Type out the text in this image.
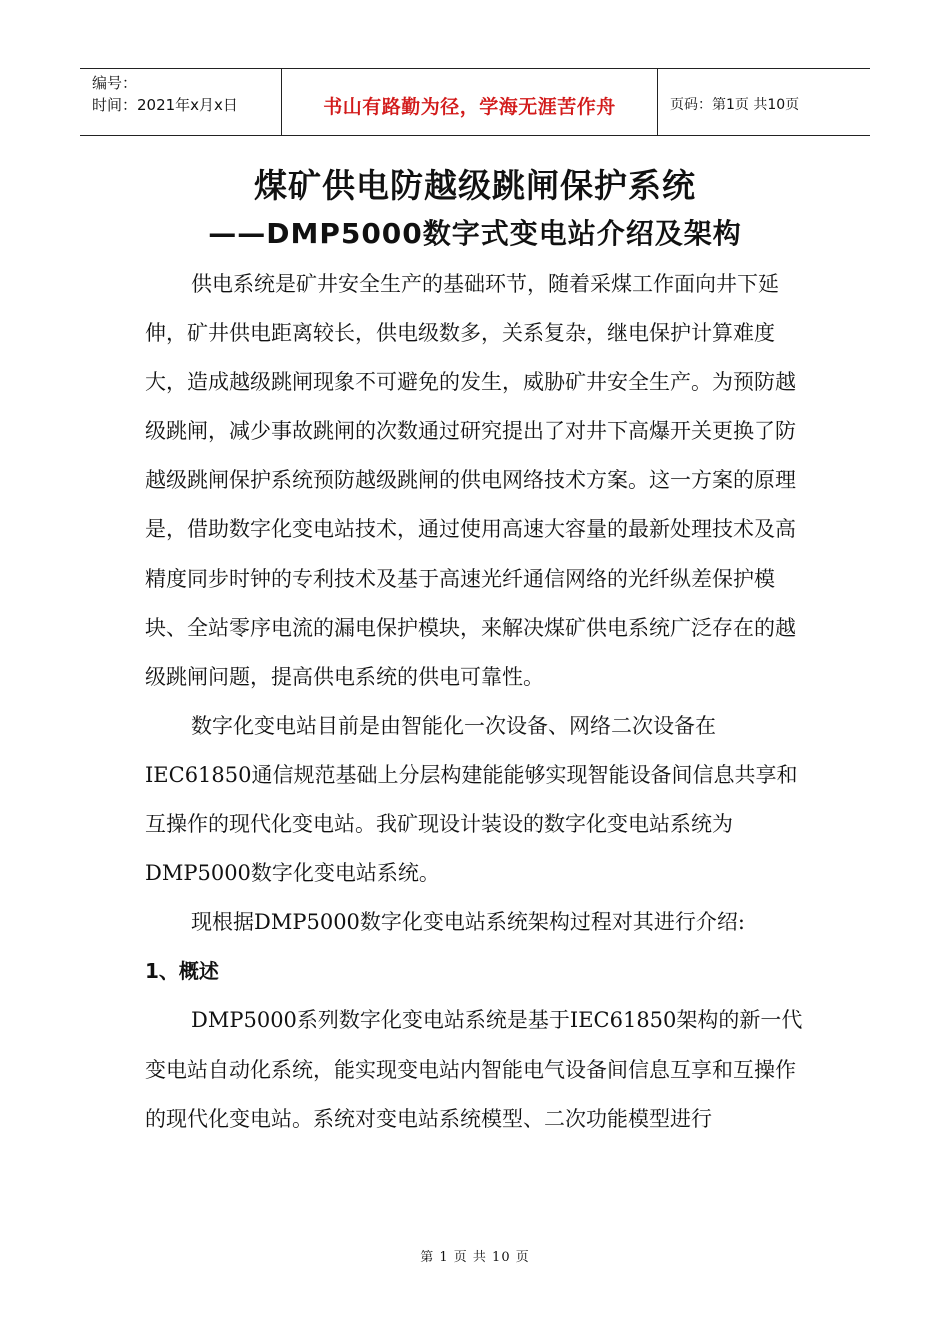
编号：
时间：2021年x月x日	书山有路勤为径，学海无涯苦作舟	页码：第1页 共10页
煤矿供电防越级跳闸保护系统
——DMP5000数字式变电站介绍及架构

供电系统是矿井安全生产的基础环节，随着采煤工作面向井下延伸，矿井供电距离较长，供电级数多，关系复杂，继电保护计算难度大，造成越级跳闸现象不可避免的发生，威胁矿井安全生产。为预防越级跳闸，减少事故跳闸的次数通过研究提出了对井下高爆开关更换了防越级跳闸保护系统预防越级跳闸的供电网络技术方案。这一方案的原理是，借助数字化变电站技术，通过使用高速大容量的最新处理技术及高精度同步时钟的专利技术及基于高速光纤通信网络的光纤纵差保护模块、全站零序电流的漏电保护模块，来解决煤矿供电系统广泛存在的越级跳闸问题，提高供电系统的供电可靠性。

数字化变电站目前是由智能化一次设备、网络二次设备在IEC61850通信规范基础上分层构建能能够实现智能设备间信息共享和互操作的现代化变电站。我矿现设计装设的数字化变电站系统为DMP5000数字化变电站系统。

现根据DMP5000数字化变电站系统架构过程对其进行介绍:

1、概述

DMP5000系列数字化变电站系统是基于IEC61850架构的新一代变电站自动化系统，能实现变电站内智能电气设备间信息互享和互操作的现代化变电站。系统对变电站系统模型、二次功能模型进行

第 1 页 共 10 页
